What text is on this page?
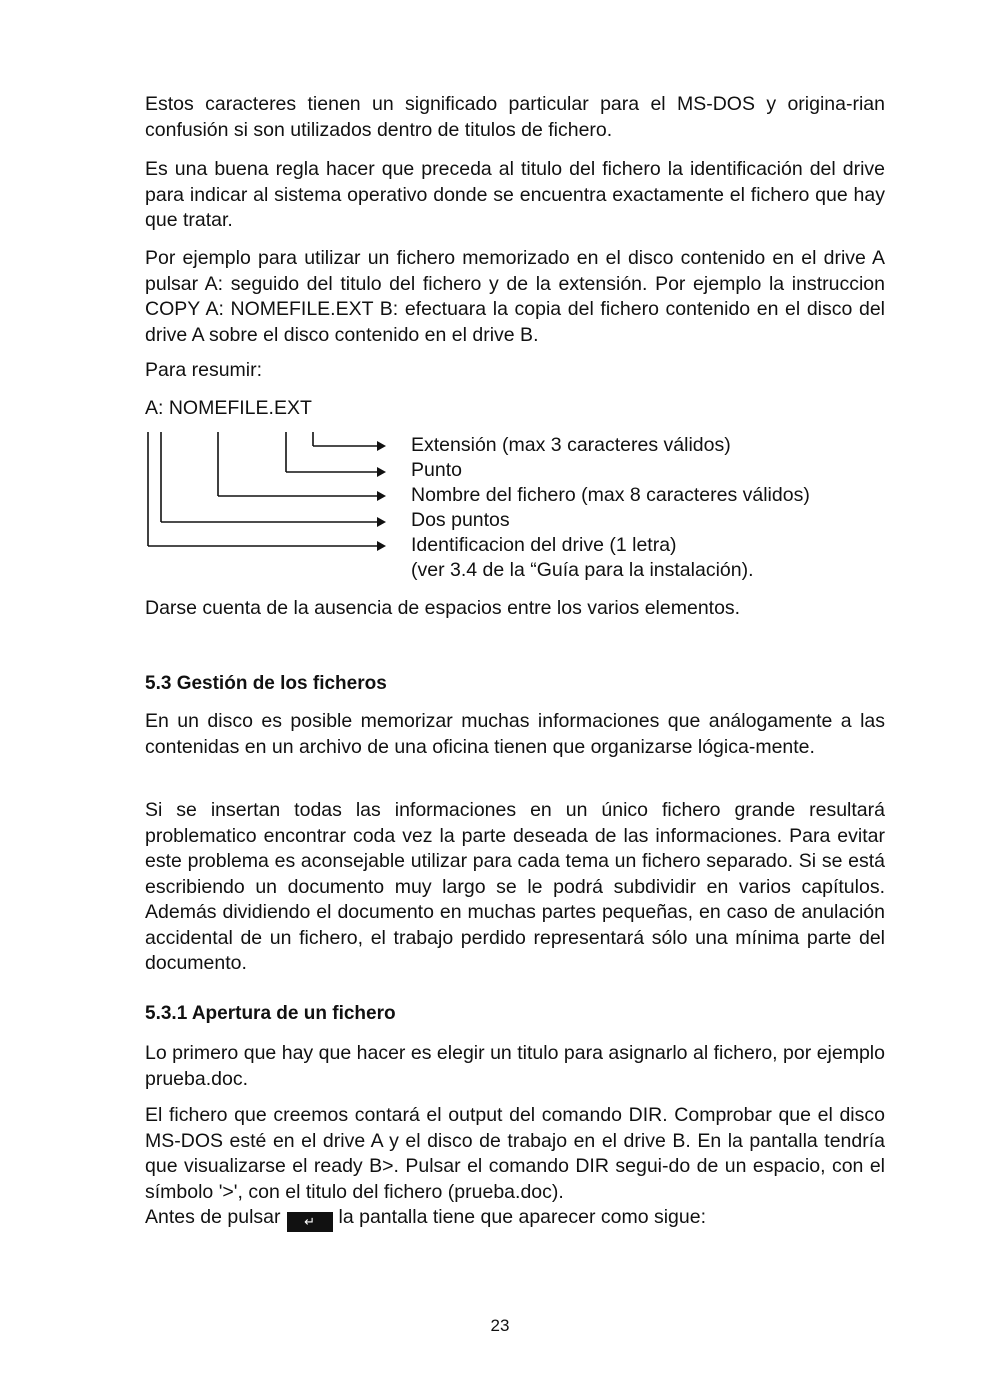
Estos caracteres tienen un significado particular para el MS-DOS y origina-rian confusión si son utilizados dentro de titulos de fichero.

Es una buena regla hacer que preceda al titulo del fichero la identificación del drive para indicar al sistema operativo donde se encuentra exactamente el fichero que hay que tratar.

Por ejemplo para utilizar un fichero memorizado en el disco contenido en el drive A pulsar A: seguido del titulo del fichero y de la extensión. Por ejemplo la instruccion COPY A: NOMEFILE.EXT B: efectuara la copia del fichero contenido en el disco del drive A sobre el disco contenido en el drive B.

Para resumir:

A: NOMEFILE.EXT

Extensión (max 3 caracteres válidos)
Punto
Nombre del fichero (max 8 caracteres válidos)
Dos puntos
Identificacion del drive (1 letra)
(ver 3.4 de la “Guía para la instalación).

Darse cuenta de la ausencia de espacios entre los varios elementos.

5.3 Gestión de los ficheros

En un disco es posible memorizar muchas informaciones que análogamente a las contenidas en un archivo de una oficina tienen que organizarse lógica-mente.

Si se insertan todas las informaciones en un único fichero grande resultará problematico encontrar coda vez la parte deseada de las informaciones. Para evitar este problema es aconsejable utilizar para cada tema un fichero separado. Si se está escribiendo un documento muy largo se le podrá subdividir en varios capítulos. Además dividiendo el documento en muchas partes pequeñas, en caso de anulación accidental de un fichero, el trabajo perdido representará sólo una mínima parte del documento.

5.3.1 Apertura de un fichero

Lo primero que hay que hacer es elegir un titulo para asignarlo al fichero, por ejemplo prueba.doc.

El fichero que creemos contará el output del comando DIR. Comprobar que el disco MS-DOS esté en el drive A y el disco de trabajo en el drive B. En la pantalla tendría que visualizarse el ready B>. Pulsar el comando DIR segui-do de un espacio, con el símbolo '>', con el titulo del fichero (prueba.doc).

Antes de pulsar ↵ la pantalla tiene que aparecer como sigue:

23
